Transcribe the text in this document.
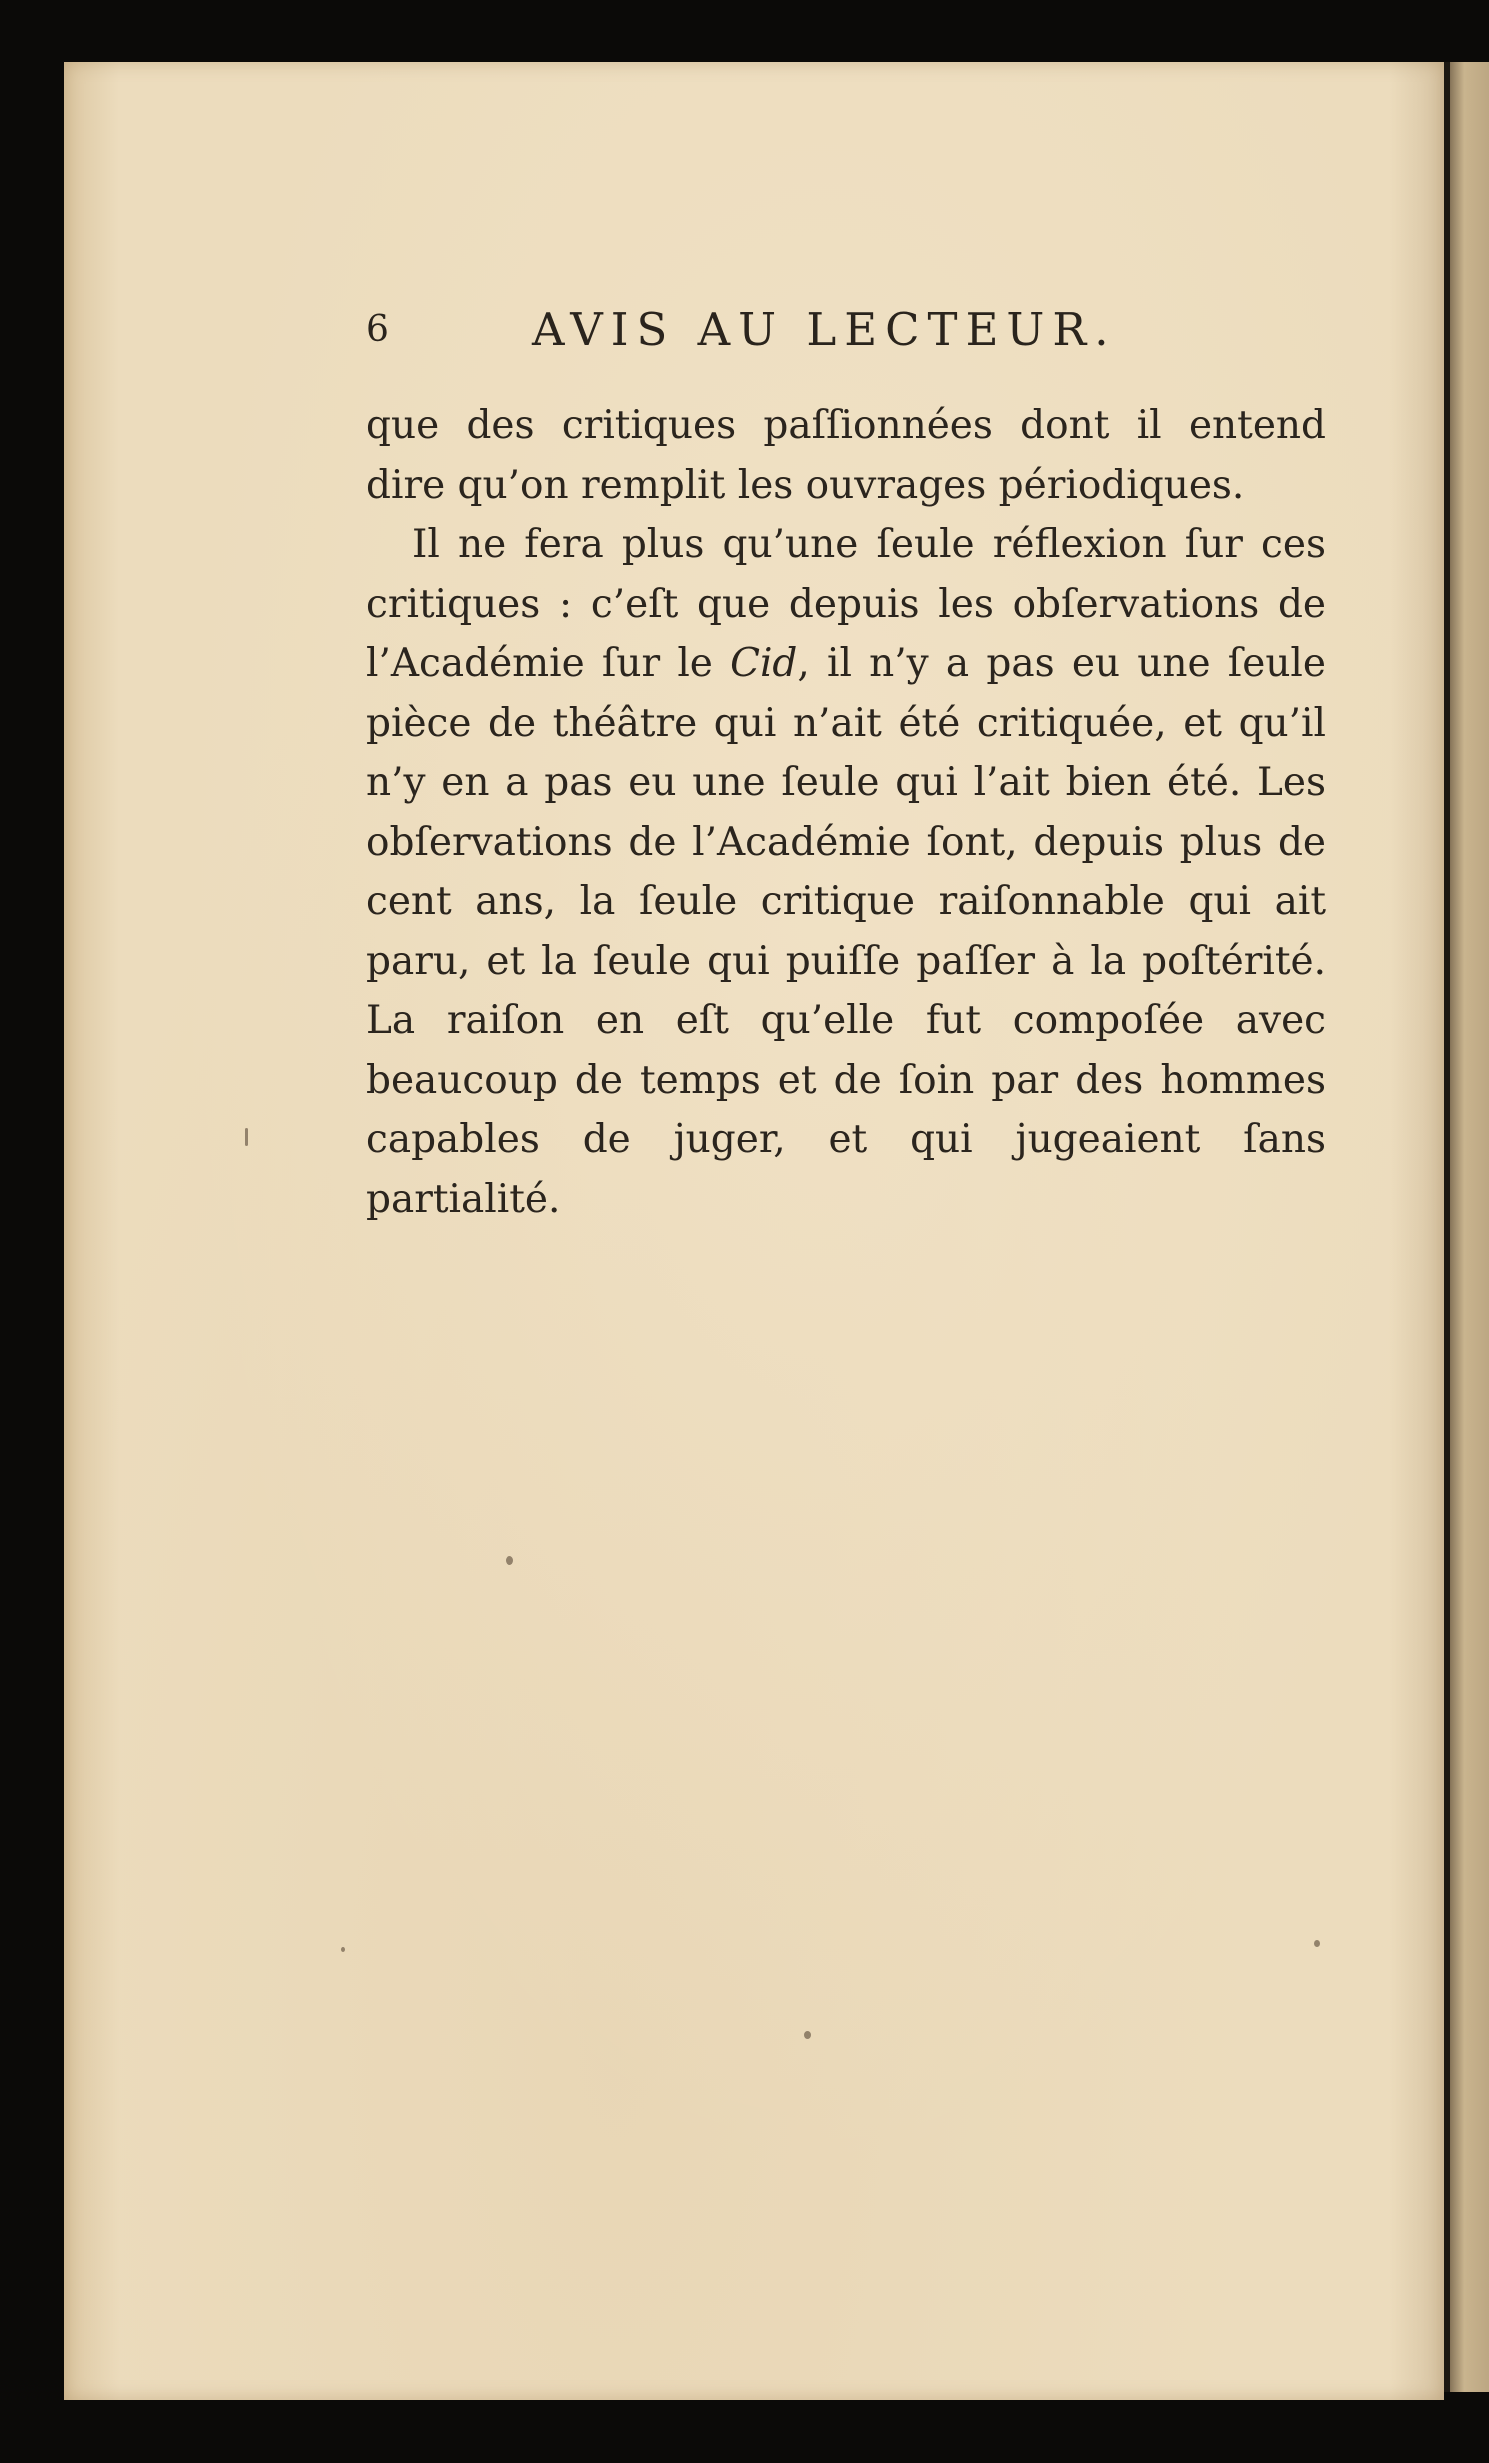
6	AVIS AU LECTEUR.

que des critiques paſſionnées dont il entend dire qu’on remplit les ouvrages périodiques.

Il ne fera plus qu’une ſeule réflexion ſur ces critiques : c’eſt que depuis les obſervations de l’Académie ſur le Cid, il n’y a pas eu une ſeule pièce de théâtre qui n’ait été critiquée, et qu’il n’y en a pas eu une ſeule qui l’ait bien été. Les obſervations de l’Académie ſont, depuis plus de cent ans, la ſeule critique raiſonnable qui ait paru, et la ſeule qui puiſſe paſſer à la poſtérité. La raiſon en eſt qu’elle fut compoſée avec beaucoup de temps et de ſoin par des hommes capables de juger, et qui jugeaient ſans partialité.
